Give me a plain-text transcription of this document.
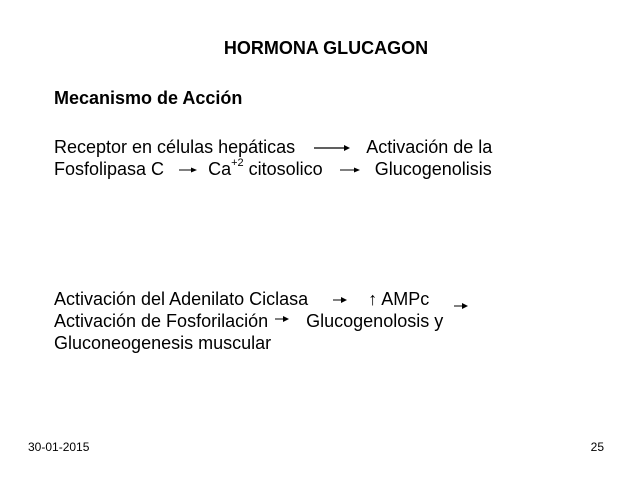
HORMONA GLUCAGON
Mecanismo de Acción
Receptor en células hepáticas	Activación de la
Fosfolipasa C $Ca^{+2}$ citosolico	Glucogenolisis
Activación del Adenilato Ciclasa	↑ AMPc
Activación de Fosforilación Glucogenolosis y
Gluconeogenesis muscular
30-01-2015	25
